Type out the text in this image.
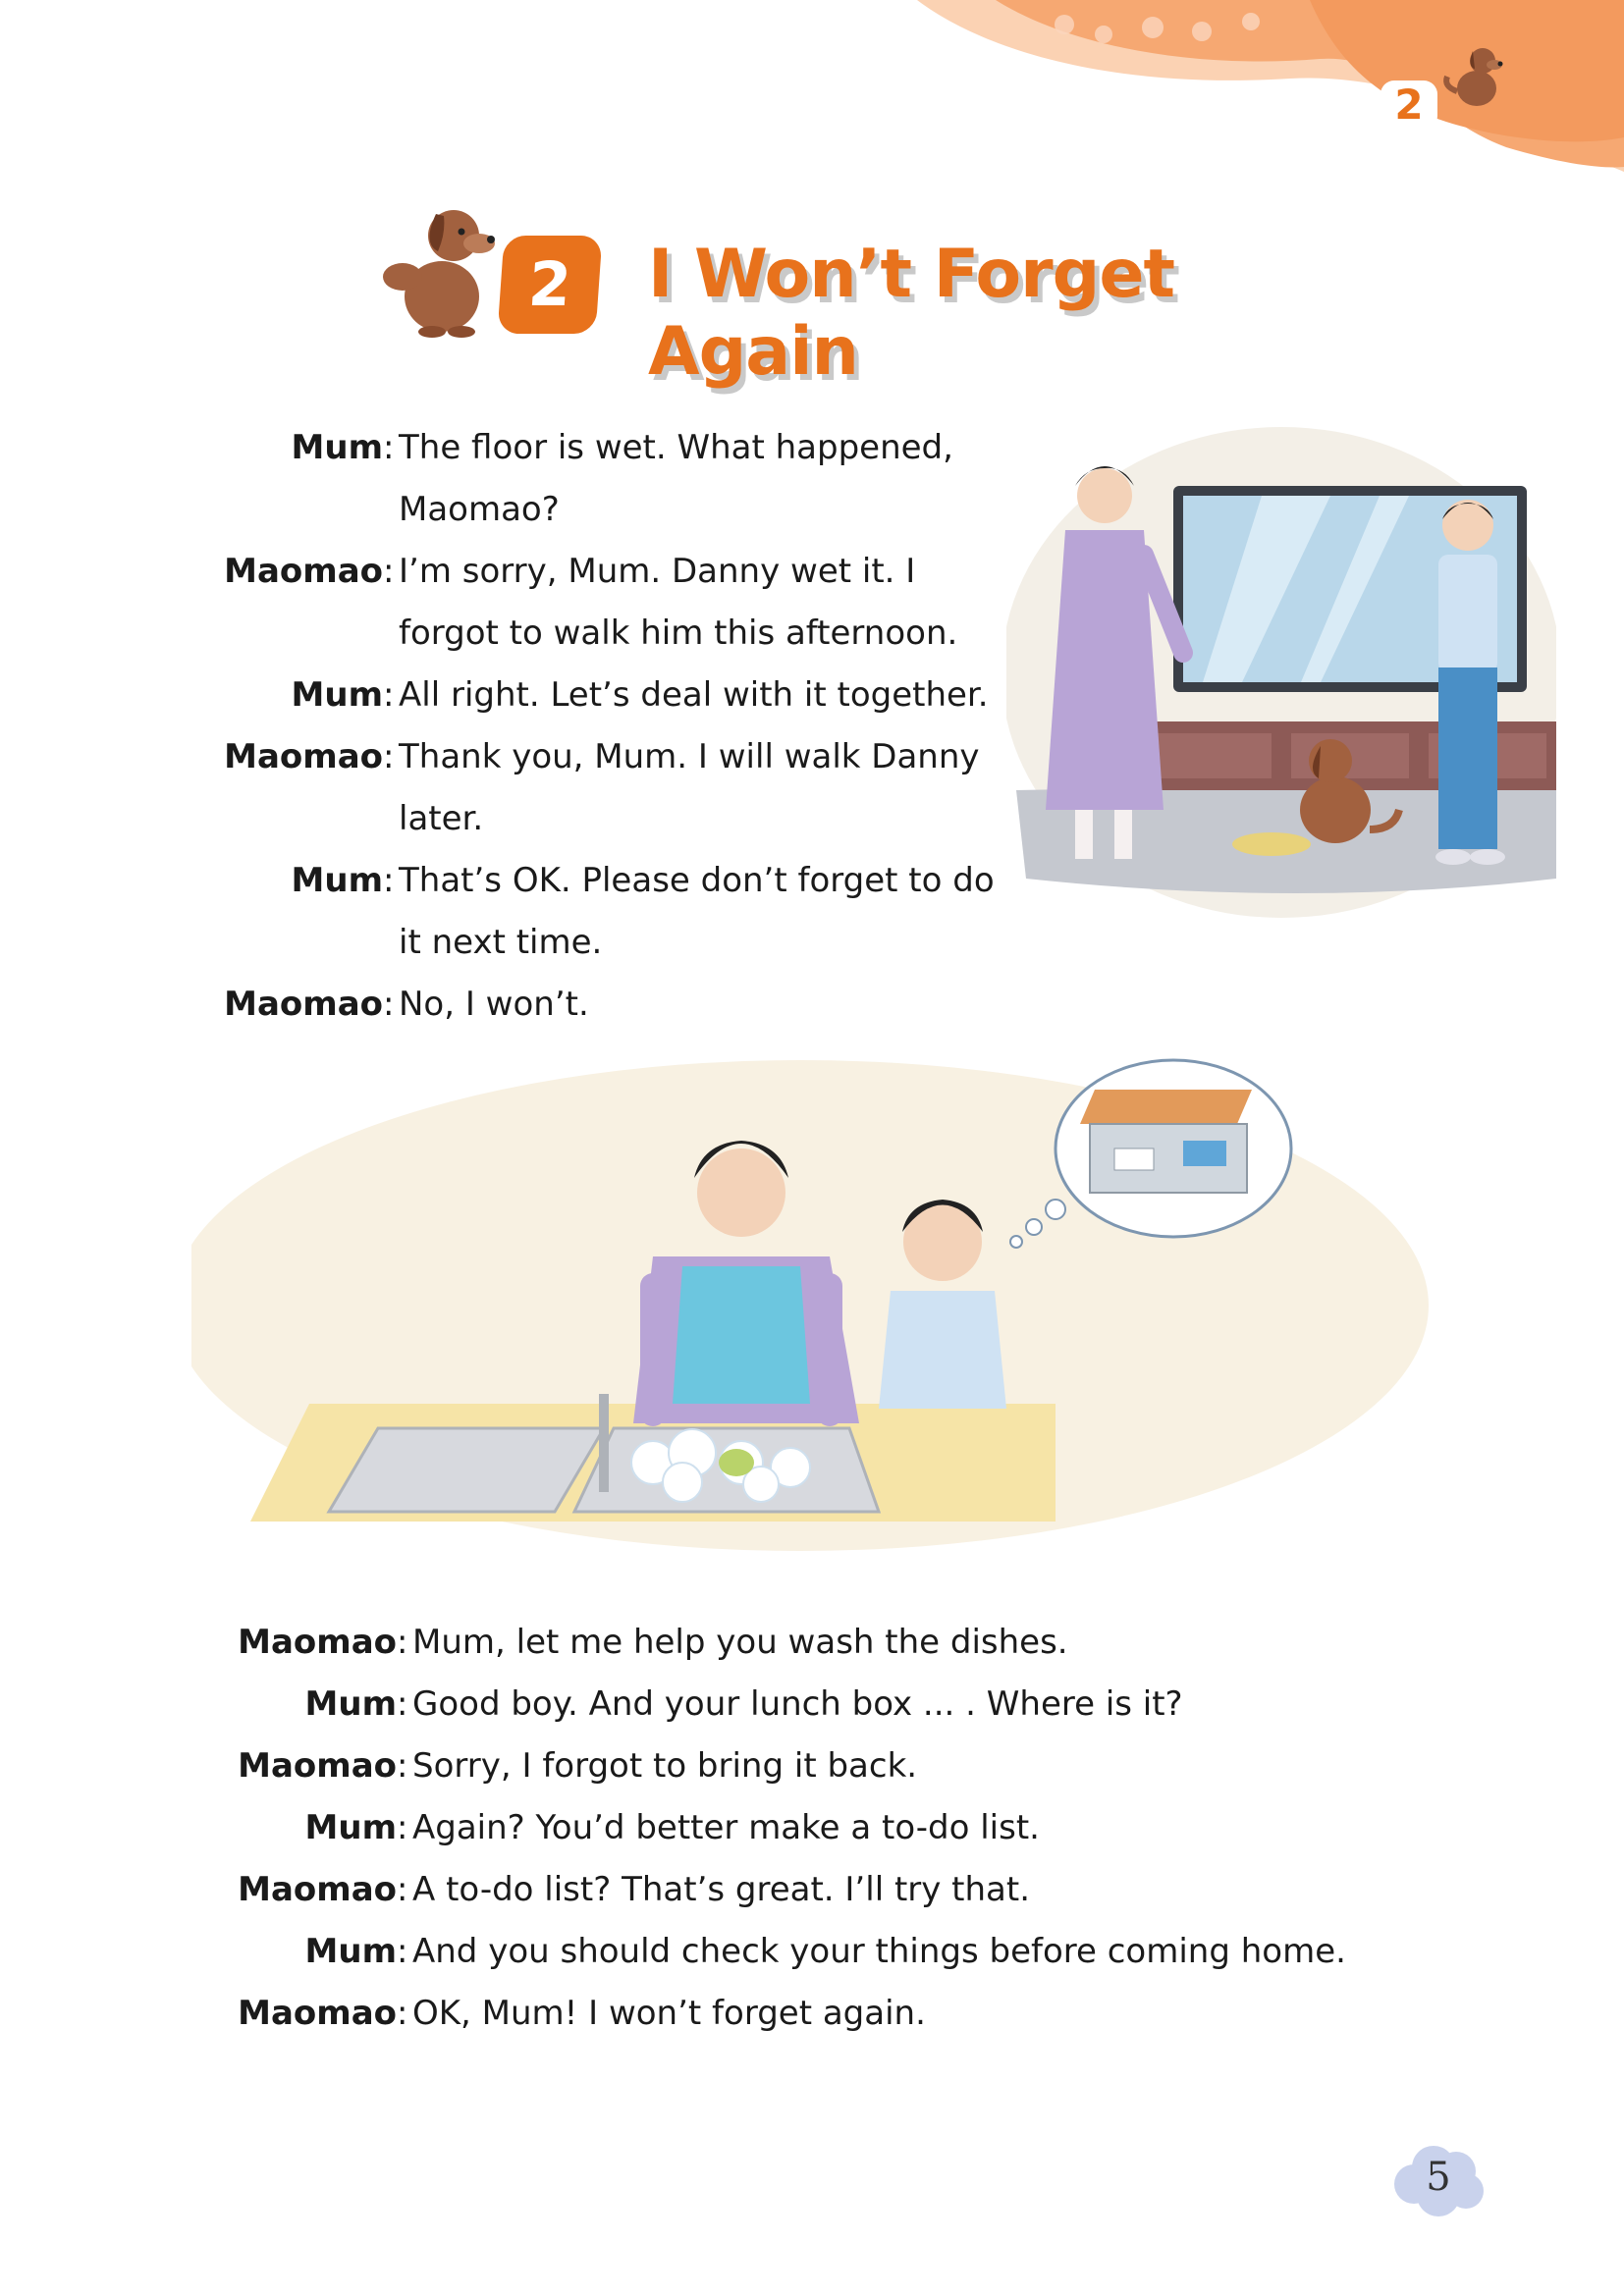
2
2	I Won’t Forget Again
Mum : The floor is wet. What happened, Maomao?
Maomao : I’m sorry, Mum. Danny wet it. I forgot to walk him this afternoon.
Mum : All right. Let’s deal with it together.
Maomao : Thank you, Mum. I will walk Danny later.
Mum : That’s OK. Please don’t forget to do it next time.
Maomao : No, I won’t.
Maomao : Mum, let me help you wash the dishes.
Mum : Good boy. And your lunch box ... . Where is it?
Maomao : Sorry, I forgot to bring it back.
Mum : Again? You’d better make a to-do list.
Maomao : A to-do list? That’s great. I’ll try that.
Mum : And you should check your things before coming home.
Maomao : OK, Mum! I won’t forget again.
5
